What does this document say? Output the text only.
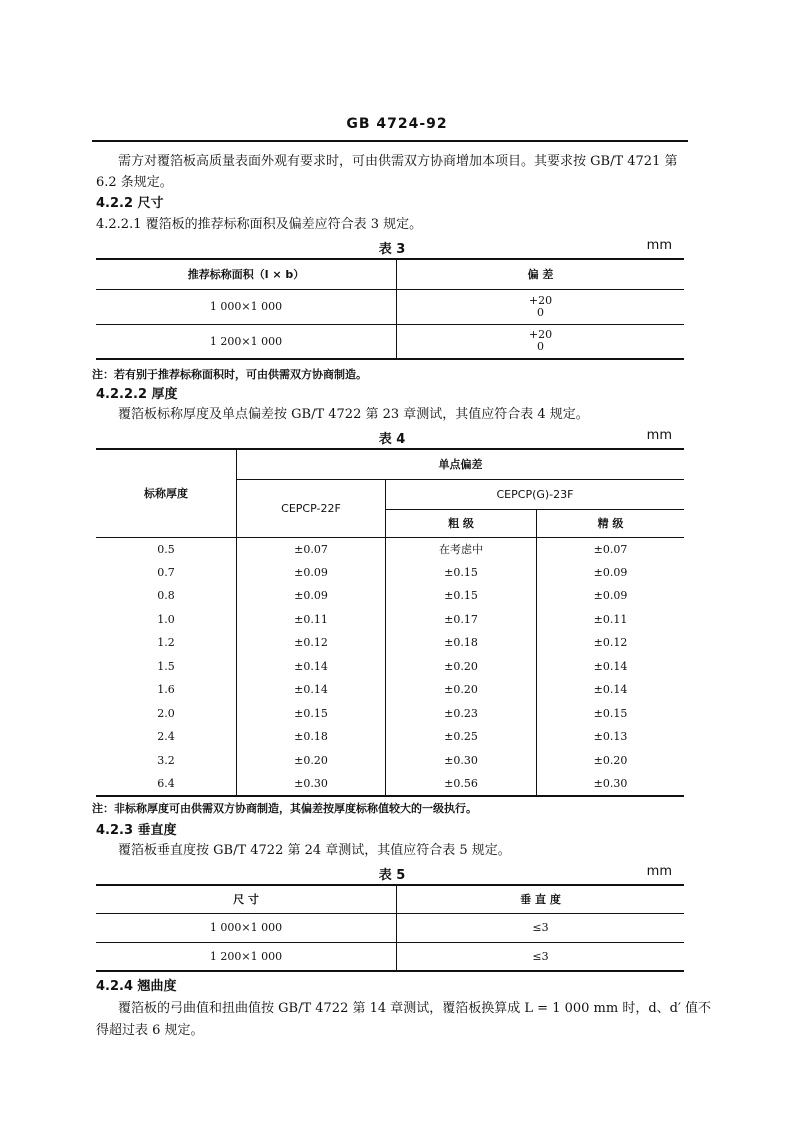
GB 4724-92
需方对覆箔板高质量表面外观有要求时，可由供需双方协商增加本项目。其要求按 GB/T 4721 第
6.2 条规定。
4.2.2 尺寸
4.2.2.1 覆箔板的推荐标称面积及偏差应符合表 3 规定。
表 3	mm
推荐标称面积（l × b）	偏 差
1 000×1 000	+20
0

1 200×1 000	+20
0
注：若有别于推荐标称面积时，可由供需双方协商制造。
4.2.2.2 厚度
覆箔板标称厚度及单点偏差按 GB/T 4722 第 23 章测试，其值应符合表 4 规定。
表 4	mm
标称厚度	单点偏差		
	CEPCP-22F	CEPCP(G)-23F	
		粗 级	精 级
0.5	±0.07	在考虑中	±0.07
0.7	±0.09	±0.15	±0.09
0.8	±0.09	±0.15	±0.09
1.0	±0.11	±0.17	±0.11
1.2	±0.12	±0.18	±0.12
1.5	±0.14	±0.20	±0.14
1.6	±0.14	±0.20	±0.14
2.0	±0.15	±0.23	±0.15
2.4	±0.18	±0.25	±0.13
3.2	±0.20	±0.30	±0.20
6.4	±0.30	±0.56	±0.30
注：非标称厚度可由供需双方协商制造，其偏差按厚度标称值较大的一级执行。
4.2.3 垂直度
覆箔板垂直度按 GB/T 4722 第 24 章测试，其值应符合表 5 规定。
表 5	mm
尺 寸	垂 直 度
1 000×1 000	≤3
1 200×1 000	≤3
4.2.4 翘曲度
覆箔板的弓曲值和扭曲值按 GB/T 4722 第 14 章测试，覆箔板换算成 L = 1 000 mm 时，d、d′ 值不
得超过表 6 规定。
